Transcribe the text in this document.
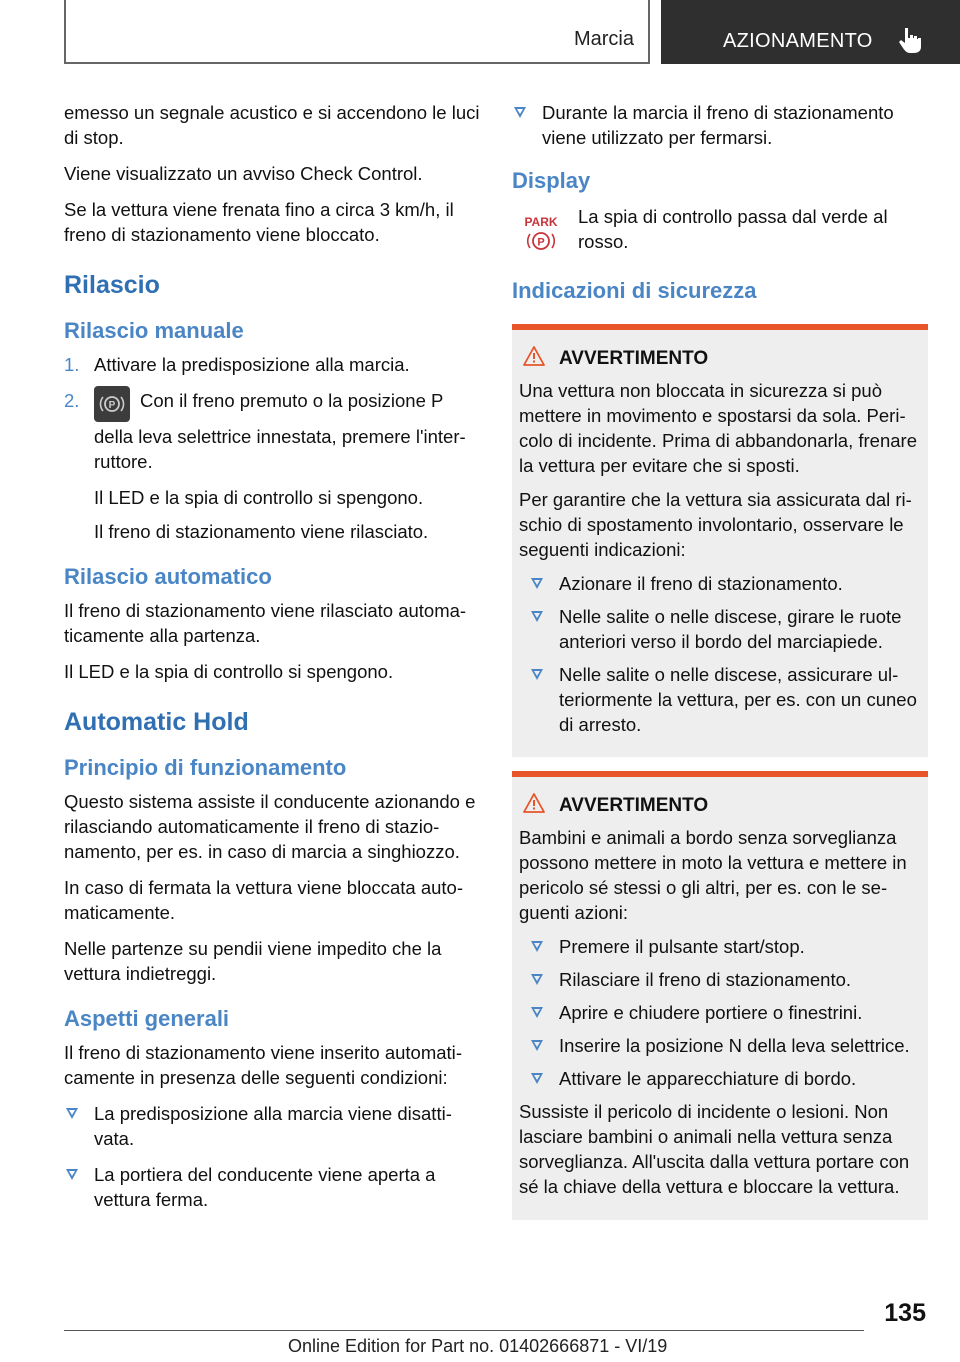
Marcia	AZIONAMENTO

emesso un segnale acustico e si accendono le luci di stop.

Viene visualizzato un avviso Check Control.

Se la vettura viene frenata fino a circa 3 km/h, il freno di stazionamento viene bloccato.

Rilascio
Rilascio manuale
1. Attivare la predisposizione alla marcia.
2.	P Con il freno premuto o la posizione P della leva selettrice innestata, premere l'interruttore.
Il LED e la spia di controllo si spengono.
Il freno di stazionamento viene rilasciato.
Rilascio automatico

Il freno di stazionamento viene rilasciato automaticamente alla partenza.

Il LED e la spia di controllo si spengono.

Automatic Hold
Principio di funzionamento

Questo sistema assiste il conducente azionando e rilasciando automaticamente il freno di stazionamento, per es. in caso di marcia a singhiozzo.

In caso di fermata la vettura viene bloccata automaticamente.

Nelle partenze su pendii viene impedito che la vettura indietreggi.

Aspetti generali

Il freno di stazionamento viene inserito automaticamente in presenza delle seguenti condizioni:

La predisposizione alla marcia viene disattivata.
La portiera del conducente viene aperta a vettura ferma.
Durante la marcia il freno di stazionamento viene utilizzato per fermarsi.
Display
PARK
P

La spia di controllo passa dal verde al rosso.

Indicazioni di sicurezza
AVVERTIMENTO

Una vettura non bloccata in sicurezza si può mettere in movimento e spostarsi da sola. Pericolo di incidente. Prima di abbandonarla, frenare la vettura per evitare che si sposti.

Per garantire che la vettura sia assicurata dal rischio di spostamento involontario, osservare le seguenti indicazioni:

Azionare il freno di stazionamento.
Nelle salite o nelle discese, girare le ruote anteriori verso il bordo del marciapiede.
Nelle salite o nelle discese, assicurare ulteriormente la vettura, per es. con un cuneo di arresto.
AVVERTIMENTO

Bambini e animali a bordo senza sorveglianza possono mettere in moto la vettura e mettere in pericolo sé stessi o gli altri, per es. con le seguenti azioni:

Premere il pulsante start/stop.
Rilasciare il freno di stazionamento.
Aprire e chiudere portiere o finestrini.
Inserire la posizione N della leva selettrice.
Attivare le apparecchiature di bordo.

Sussiste il pericolo di incidente o lesioni. Non lasciare bambini o animali nella vettura senza sorveglianza. All'uscita dalla vettura portare con sé la chiave della vettura e bloccare la vettura.

135
Online Edition for Part no. 01402666871 - VI/19
